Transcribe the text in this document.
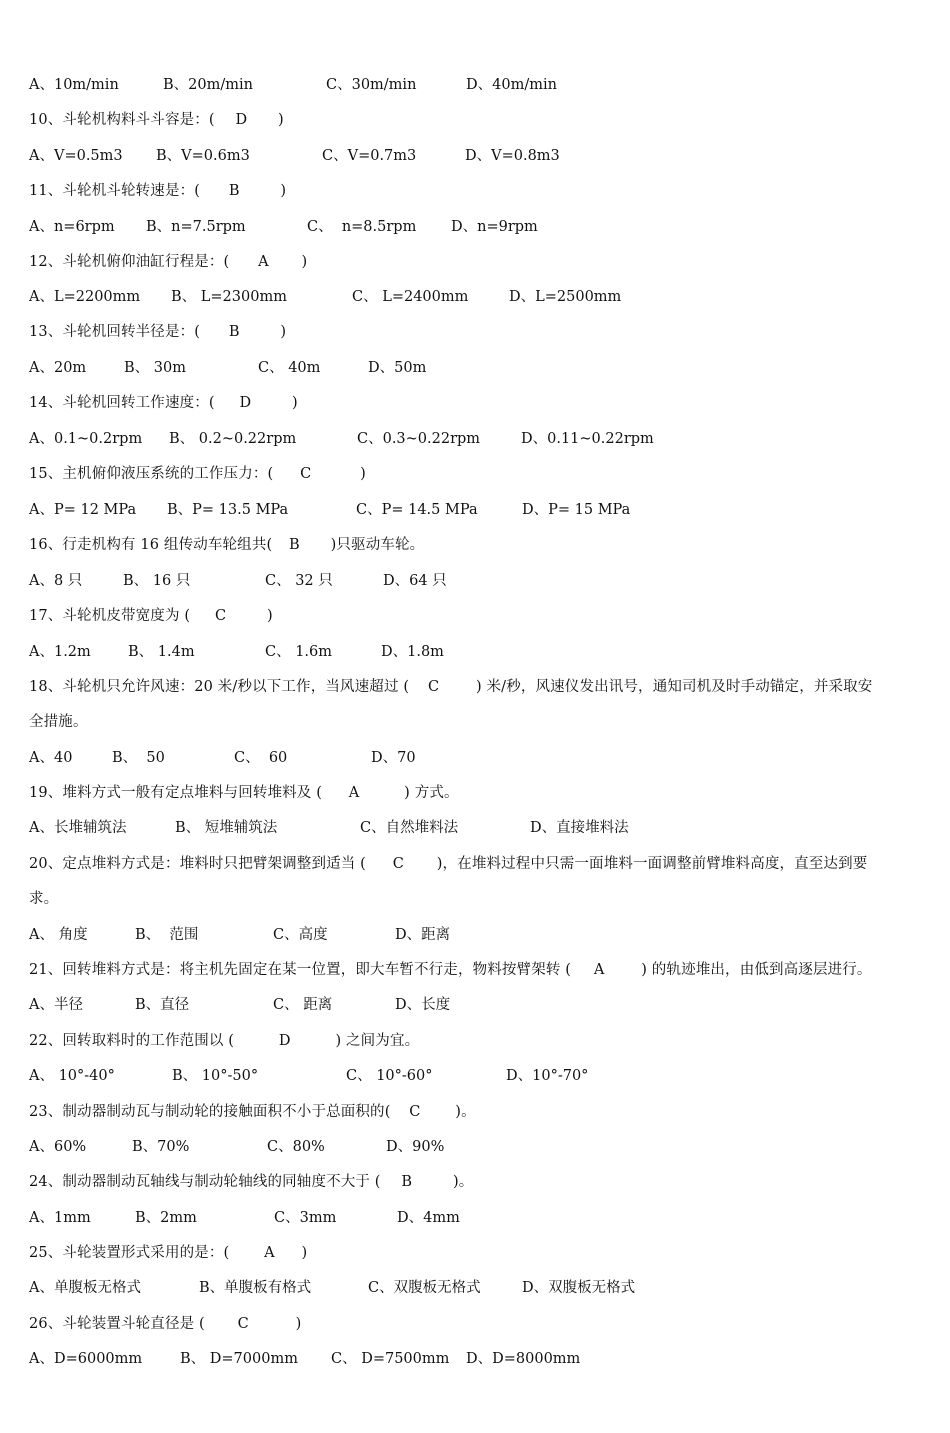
A、10m/min	B、20m/min	C、30m/min	D、40m/min
10、斗轮机构料斗斗容是：( D )
A、V=0.5m3 B、V=0.6m3	C、V=0.7m3	D、V=0.8m3
11、斗轮机斗轮转速是：( B	)
A、n=6rpm B、n=7.5rpm	C、  n=8.5rpm D、n=9rpm
12、斗轮机俯仰油缸行程是：( A )
A、L=2200mm B、 L=2300mm	C、 L=2400mm	D、L=2500mm
13、斗轮机回转半径是：( B	)
A、20m	B、 30m	C、 40m	D、50m
14、斗轮机回转工作速度：( D	)
A、0.1~0.2rpm B、 0.2~0.22rpm	C、0.3~0.22rpm	D、0.11~0.22rpm
15、主机俯仰液压系统的工作压力：( C	)
A、P= 12 MPa B、P= 13.5 MPa	C、P= 14.5 MPa	D、P= 15 MPa
16、行走机构有 16 组传动车轮组共( B )只驱动车轮。
A、8 只	B、 16 只	C、 32 只	D、64 只
17、斗轮机皮带宽度为 ( C	)
A、1.2m	B、 1.4m	C、 1.6m	D、1.8m
18、斗轮机只允许风速：20 米/秒以下工作，当风速超过 ( C	) 米/秒，风速仪发出讯号，通知司机及时手动锚定，并采取安
全措施。
A、40	B、  50	C、  60	D、70
19、堆料方式一般有定点堆料与回转堆料及 ( A	) 方式。
A、长堆辅筑法	B、 短堆辅筑法	C、自然堆料法	D、直接堆料法
20、定点堆料方式是：堆料时只把臂架调整到适当 ( C )，在堆料过程中只需一面堆料一面调整前臂堆料高度，直至达到要
求。
A、 角度	B、  范围	C、高度	D、距离
21、回转堆料方式是：将主机先固定在某一位置，即大车暂不行走，物料按臂架转 ( A	) 的轨迹堆出，由低到高逐层进行。
A、半径	B、直径	C、 距离	D、长度
22、回转取料时的工作范围以 (	D	) 之间为宜。
A、 10°-40°	B、 10°-50°	C、 10°-60°	D、10°-70°
23、制动器制动瓦与制动轮的接触面积不小于总面积的( C )。
A、60%	B、70%	C、80%	D、90%
24、制动器制动瓦轴线与制动轮轴线的同轴度不大于 ( B	)。
A、1mm	B、2mm	C、3mm	D、4mm
25、斗轮装置形式采用的是：( A )
A、单腹板无格式	B、单腹板有格式	C、双腹板无格式	D、双腹板无格式
26、斗轮装置斗轮直径是 ( C	)
A、D=6000mm	B、 D=7000mm C、 D=7500mm D、D=8000mm
